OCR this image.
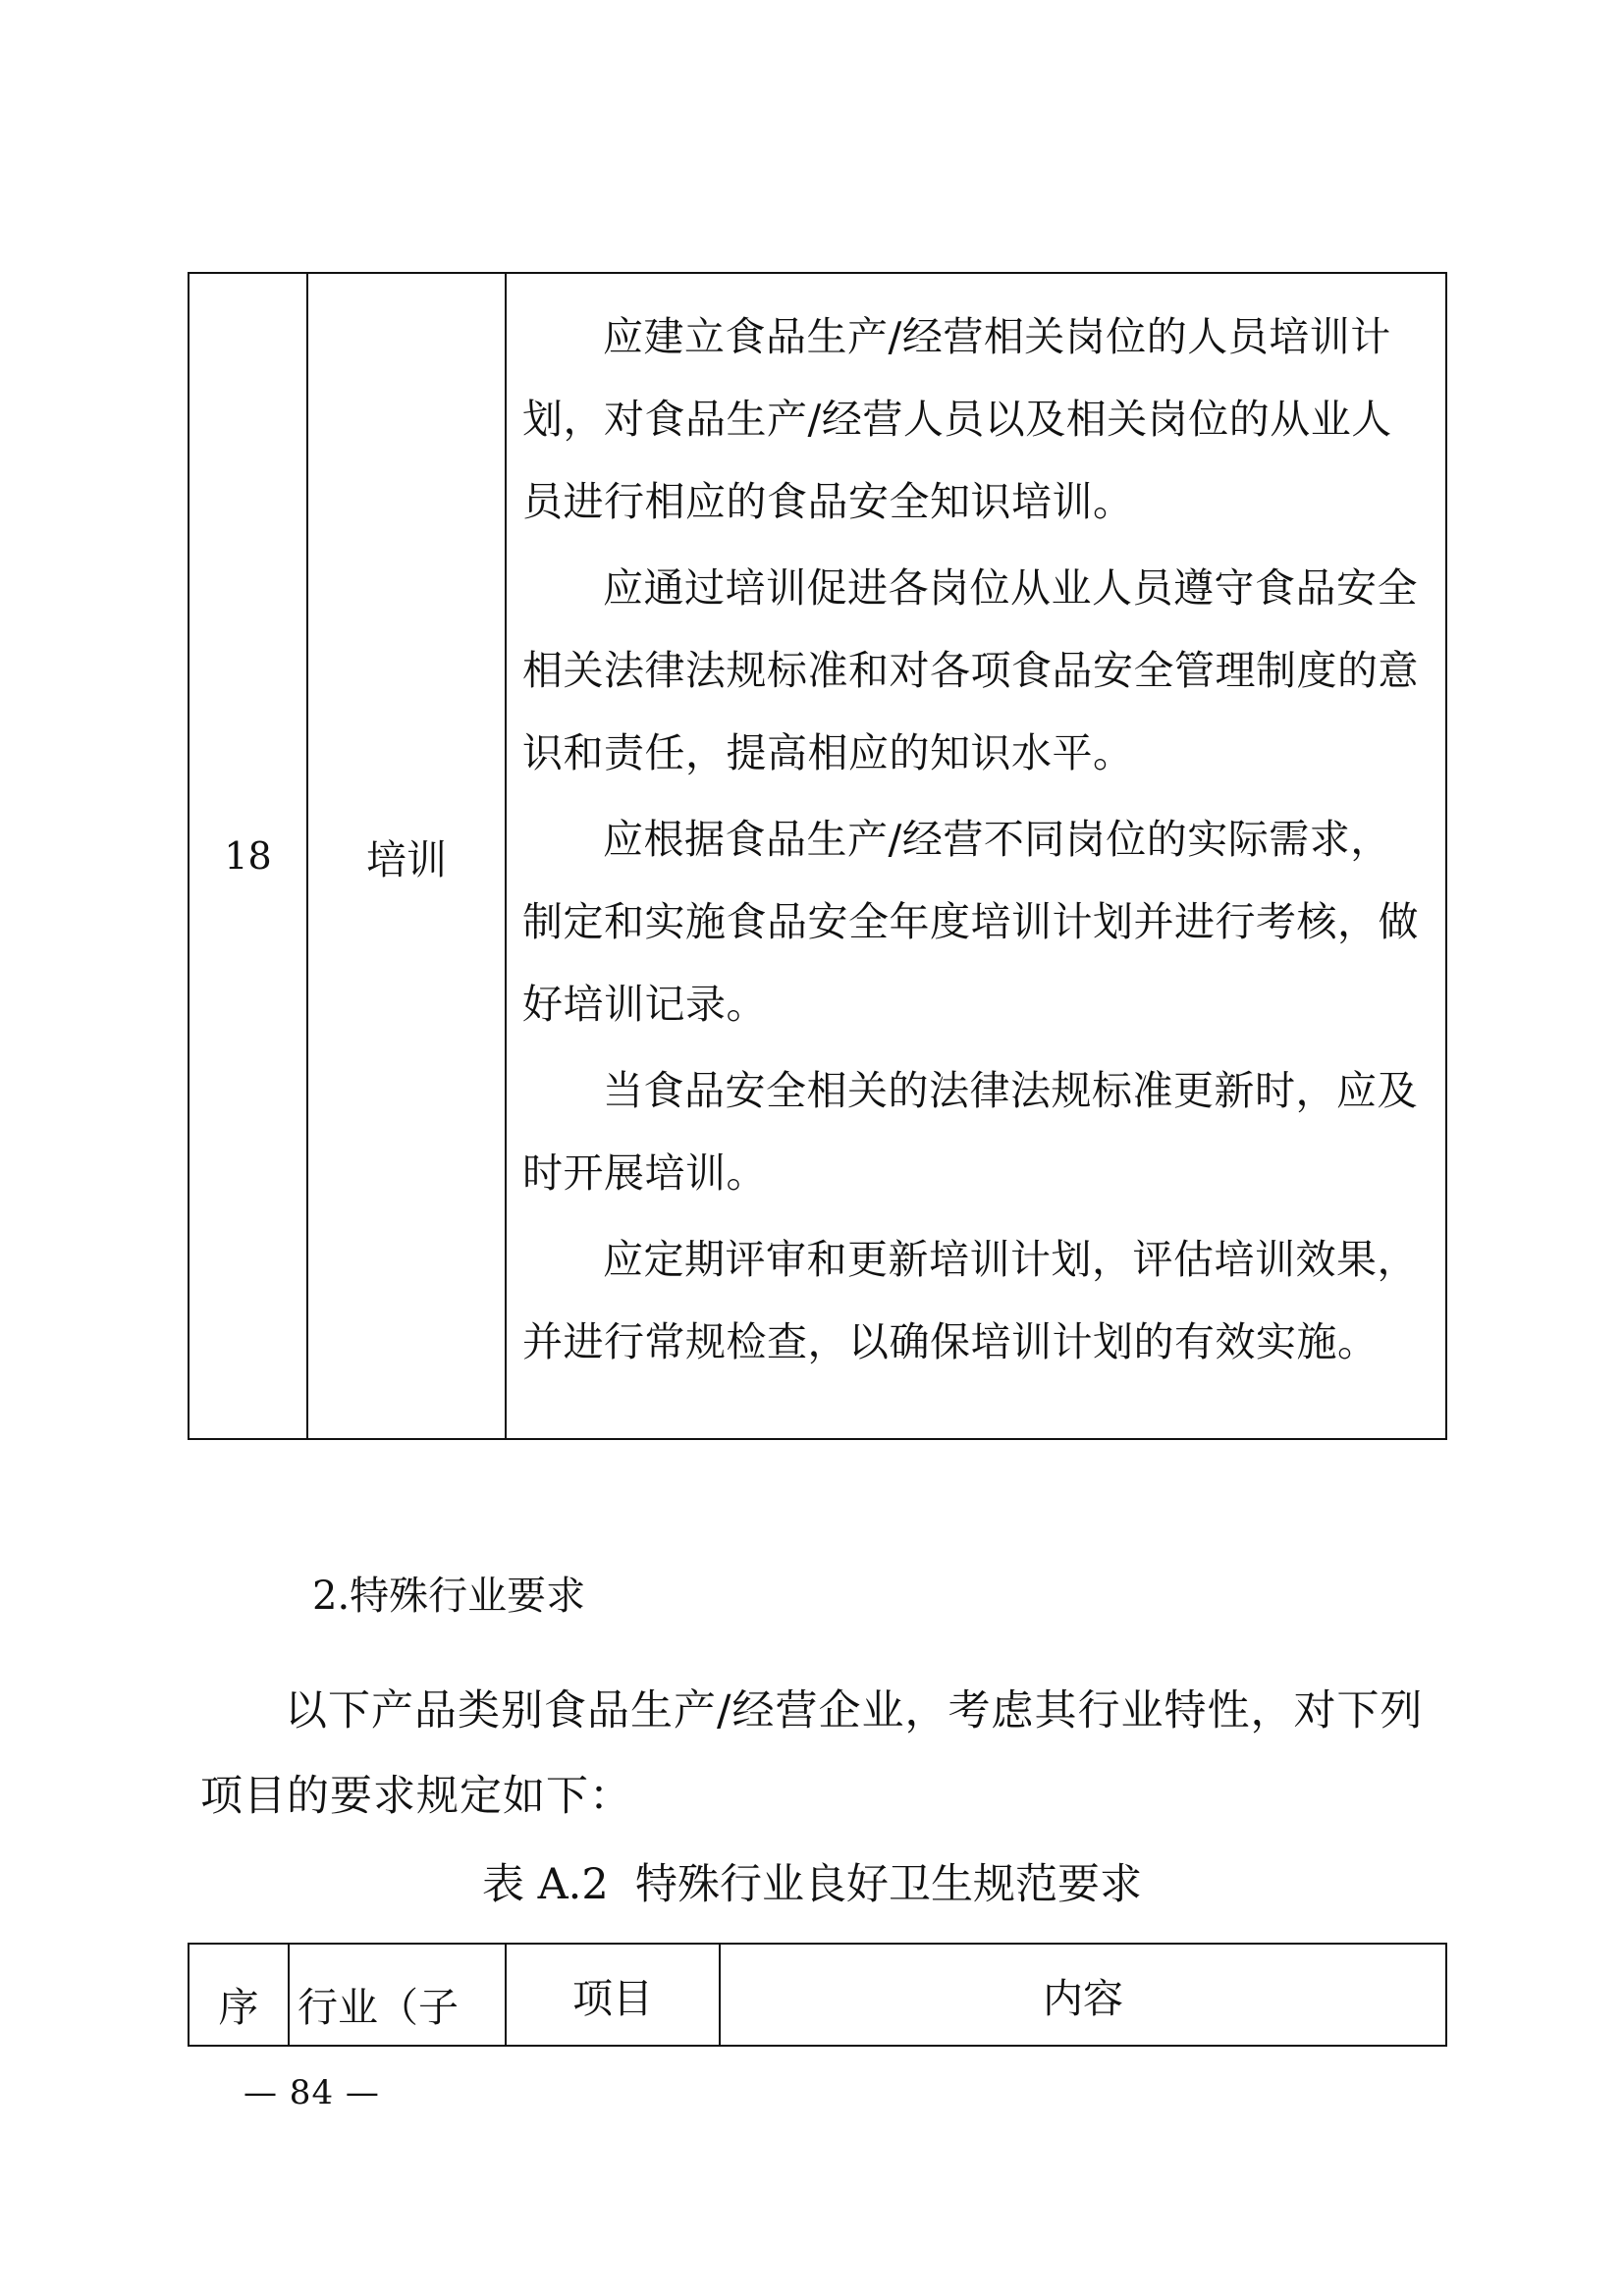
18	培训	

应建立食品生产/经营相关岗位的人员培训计划，对食品生产/经营人员以及相关岗位的从业人员进行相应的食品安全知识培训。

应通过培训促进各岗位从业人员遵守食品安全相关法律法规标准和对各项食品安全管理制度的意识和责任，提高相应的知识水平。

应根据食品生产/经营不同岗位的实际需求，制定和实施食品安全年度培训计划并进行考核，做好培训记录。

当食品安全相关的法律法规标准更新时，应及时开展培训。

应定期评审和更新培训计划，评估培训效果，并进行常规检查，以确保培训计划的有效实施。

2.特殊行业要求
以下产品类别食品生产/经营企业，考虑其行业特性，对下列项目的要求规定如下：
表 A.2 特殊行业良好卫生规范要求
序	行业（子	项目	内容
— 84 —
